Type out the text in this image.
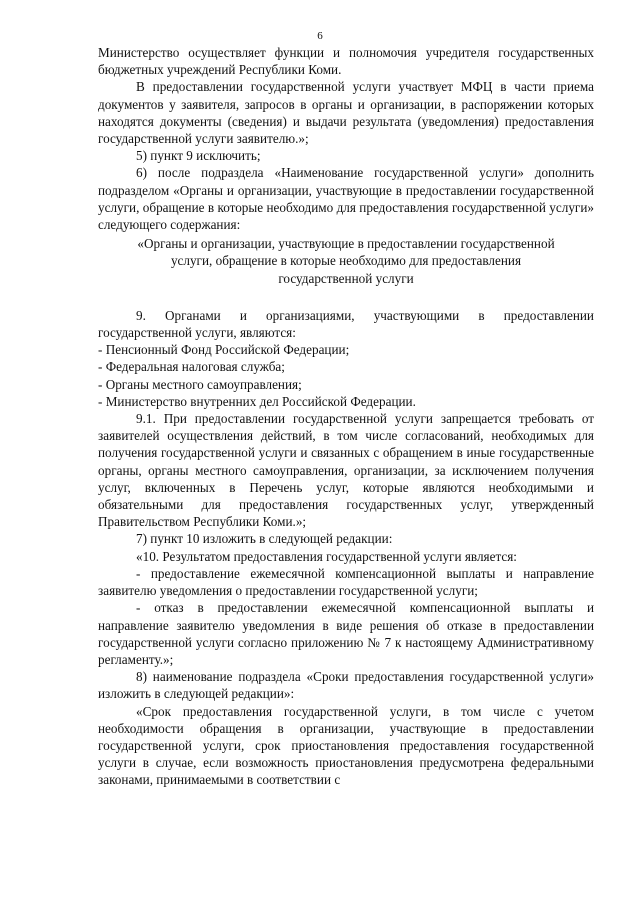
6

Министерство осуществляет функции и полномочия учредителя государственных бюджетных учреждений Республики Коми.

В предоставлении государственной услуги участвует МФЦ в части приема документов у заявителя, запросов в органы и организации, в распоряжении которых находятся документы (сведения) и выдачи результата (уведомления) предоставления государственной услуги заявителю.»;

5) пункт 9 исключить;

6) после подраздела «Наименование государственной услуги» дополнить подразделом «Органы и организации, участвующие в предоставлении государственной услуги, обращение в которые необходимо для предоставления государственной услуги» следующего содержания:

«Органы и организации, участвующие в предоставлении государственной услуги, обращение в которые необходимо для предоставления государственной услуги

9. Органами и организациями, участвующими в предоставлении государственной услуги, являются:

- Пенсионный Фонд Российской Федерации;

- Федеральная налоговая служба;

- Органы местного самоуправления;

- Министерство внутренних дел Российской Федерации.

9.1. При предоставлении государственной услуги запрещается требовать от заявителей осуществления действий, в том числе согласований, необходимых для получения государственной услуги и связанных с обращением в иные государственные органы, органы местного самоуправления, организации, за исключением получения услуг, включенных в Перечень услуг, которые являются необходимыми и обязательными для предоставления государственных услуг, утвержденный Правительством Республики Коми.»;

7) пункт 10 изложить в следующей редакции:

«10. Результатом предоставления государственной услуги является:

- предоставление ежемесячной компенсационной выплаты и направление заявителю уведомления о предоставлении государственной услуги;

- отказ в предоставлении ежемесячной компенсационной выплаты и направление заявителю уведомления в виде решения об отказе в предоставлении государственной услуги согласно приложению № 7 к настоящему Административному регламенту.»;

8) наименование подраздела «Сроки предоставления государственной услуги» изложить в следующей редакции»:

«Срок предоставления государственной услуги, в том числе с учетом необходимости обращения в организации, участвующие в предоставлении государственной услуги, срок приостановления предоставления государственной услуги в случае, если возможность приостановления предусмотрена федеральными законами, принимаемыми в соответствии с
